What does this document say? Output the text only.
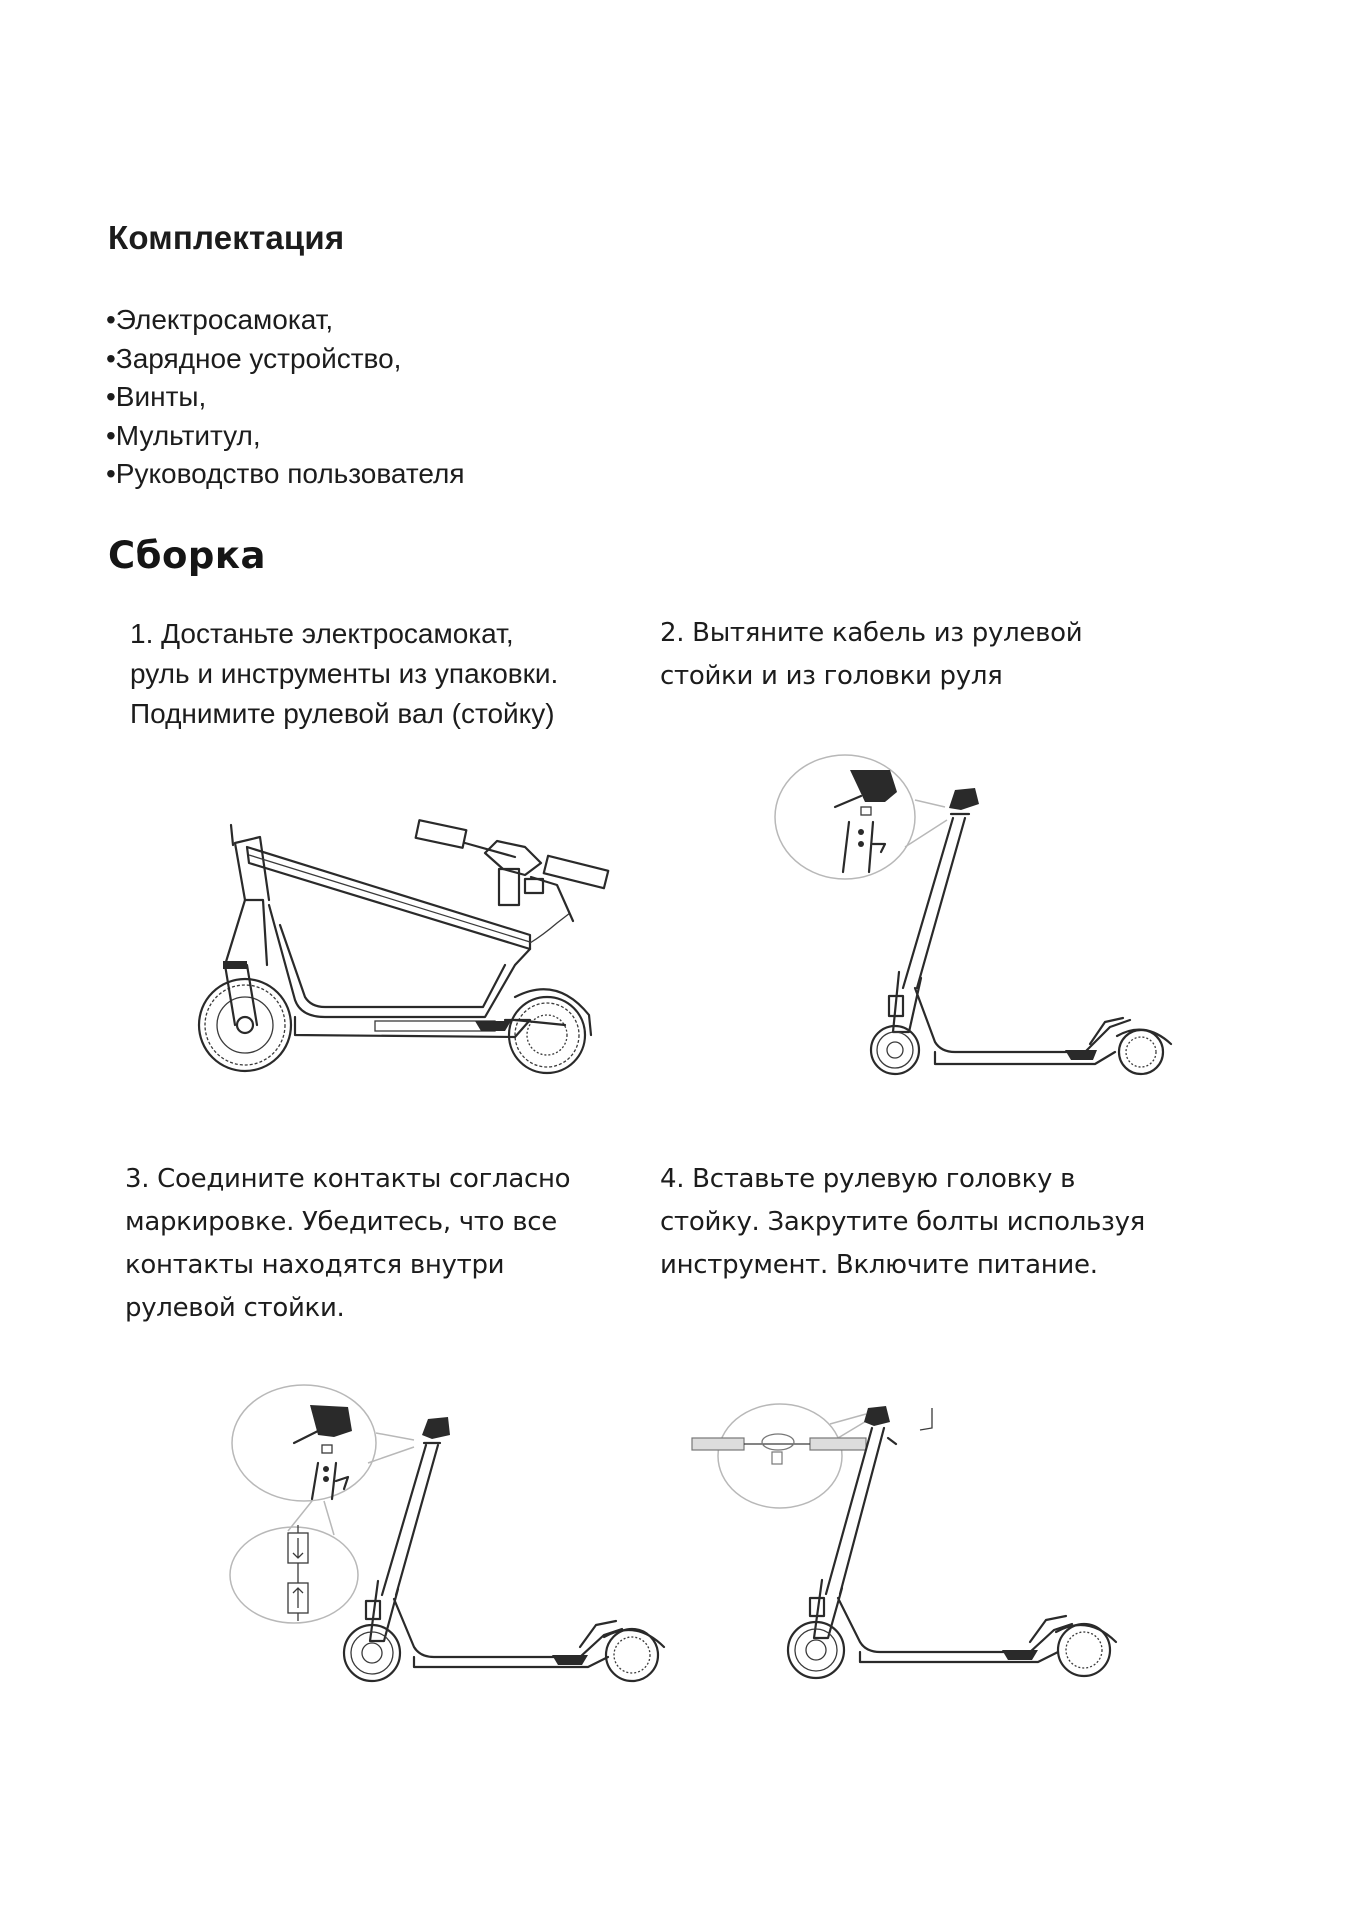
Комплектация
•Электросамокат,
•Зарядное устройство,
•Винты,
•Мультитул,
•Руководство пользователя
Сборка
1. Достаньте электросамокат,
руль и инструменты из упаковки.
Поднимите рулевой вал (стойку)
2. Вытяните кабель из рулевой
стойки и из головки руля
3. Соедините контакты согласно
маркировке. Убедитесь, что все
контакты находятся внутри
рулевой стойки.
4. Вставьте рулевую головку в
стойку. Закрутите болты используя
инструмент. Включите питание.
